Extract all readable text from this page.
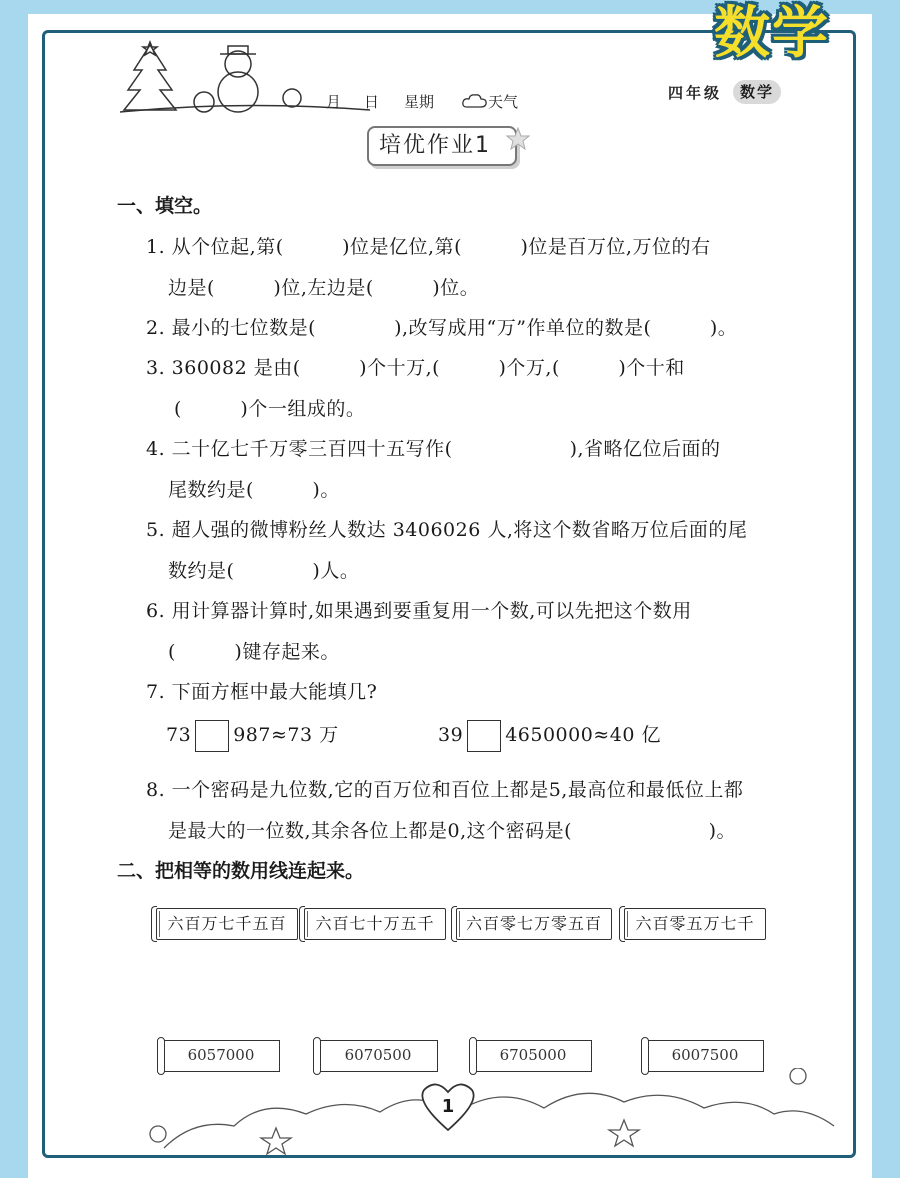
数学
月 日 星期	天气	四年级	数学
培优作业1
一、填空。
1. 从个位起,第(　　　)位是亿位,第(　　　)位是百万位,万位的右
边是(　　　)位,左边是(　　　)位。
2. 最小的七位数是(　　　　),改写成用“万”作单位的数是(　　　)。
3. 360082 是由(　　　)个十万,(　　　)个万,(　　　)个十和
(　　　)个一组成的。
4. 二十亿七千万零三百四十五写作(　　　　　　),省略亿位后面的
尾数约是(　　　)。
5. 超人强的微博粉丝人数达 3406026 人,将这个数省略万位后面的尾
数约是(　　　　)人。
6. 用计算器计算时,如果遇到要重复用一个数,可以先把这个数用
(　　　)键存起来。
7. 下面方框中最大能填几?
73 987≈73 万	39 4650000≈40 亿
8. 一个密码是九位数,它的百万位和百位上都是5,最高位和最低位上都
是最大的一位数,其余各位上都是0,这个密码是(　　　　　　　)。
二、把相等的数用线连起来。
六百万七千五百	六百七十万五千	六百零七万零五百	六百零五万七千
6057000	6070500	6705000	6007500
1
